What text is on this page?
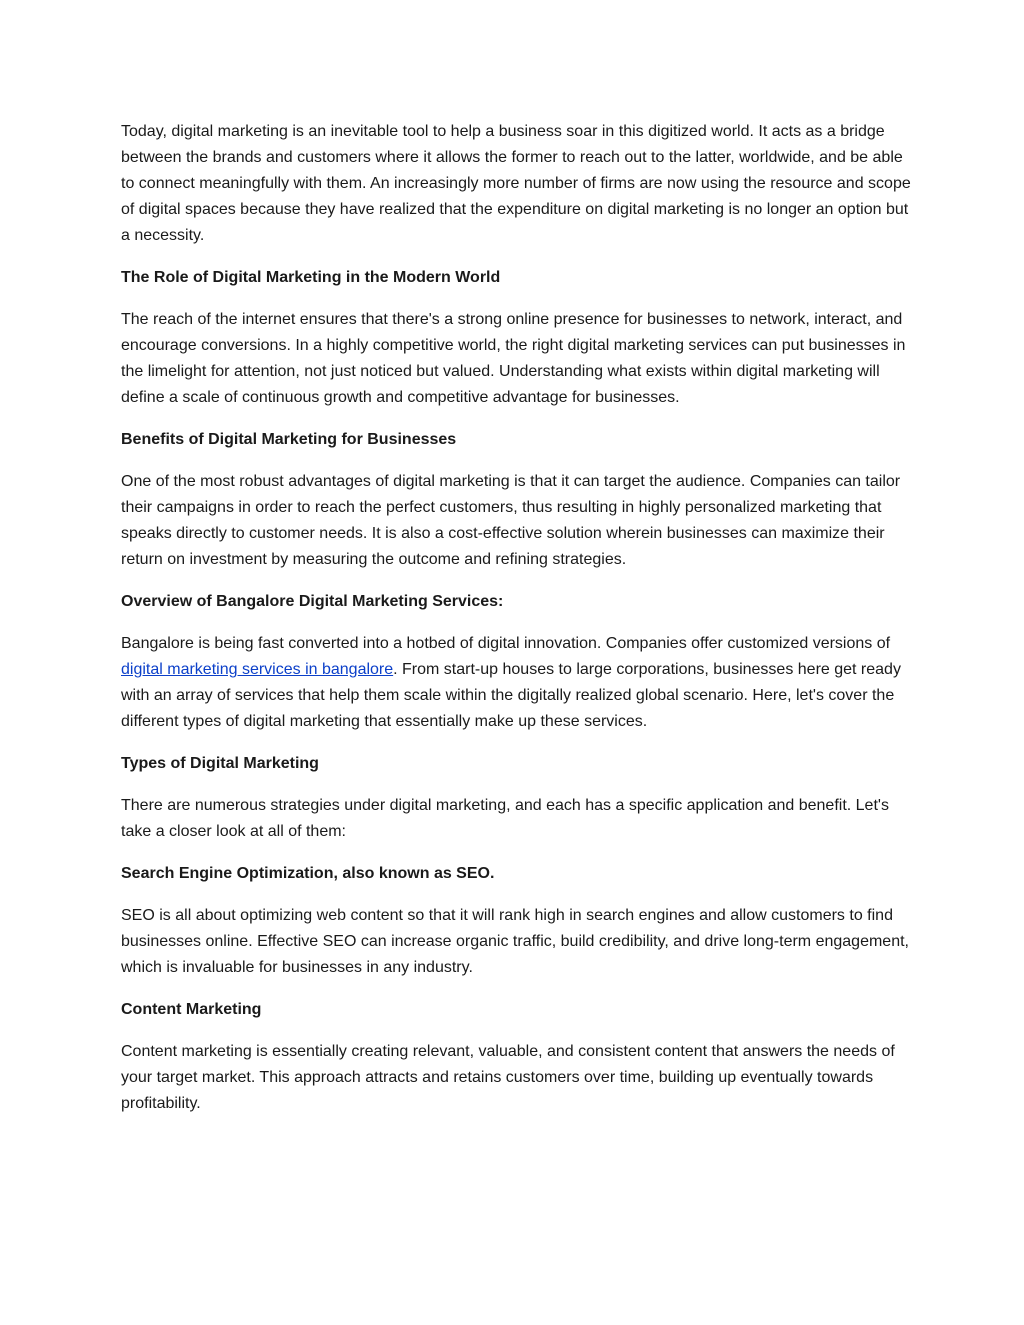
Today, digital marketing is an inevitable tool to help a business soar in this digitized world. It acts as a bridge between the brands and customers where it allows the former to reach out to the latter, worldwide, and be able to connect meaningfully with them. An increasingly more number of firms are now using the resource and scope of digital spaces because they have realized that the expenditure on digital marketing is no longer an option but a necessity.

The Role of Digital Marketing in the Modern World

The reach of the internet ensures that there's a strong online presence for businesses to network, interact, and encourage conversions. In a highly competitive world, the right digital marketing services can put businesses in the limelight for attention, not just noticed but valued. Understanding what exists within digital marketing will define a scale of continuous growth and competitive advantage for businesses.

Benefits of Digital Marketing for Businesses

One of the most robust advantages of digital marketing is that it can target the audience. Companies can tailor their campaigns in order to reach the perfect customers, thus resulting in highly personalized marketing that speaks directly to customer needs. It is also a cost-effective solution wherein businesses can maximize their return on investment by measuring the outcome and refining strategies.

Overview of Bangalore Digital Marketing Services:

Bangalore is being fast converted into a hotbed of digital innovation. Companies offer customized versions of digital marketing services in bangalore. From start-up houses to large corporations, businesses here get ready with an array of services that help them scale within the digitally realized global scenario. Here, let's cover the different types of digital marketing that essentially make up these services.

Types of Digital Marketing

There are numerous strategies under digital marketing, and each has a specific application and benefit. Let's take a closer look at all of them:

Search Engine Optimization, also known as SEO.

SEO is all about optimizing web content so that it will rank high in search engines and allow customers to find businesses online. Effective SEO can increase organic traffic, build credibility, and drive long-term engagement, which is invaluable for businesses in any industry.

Content Marketing

Content marketing is essentially creating relevant, valuable, and consistent content that answers the needs of your target market. This approach attracts and retains customers over time, building up eventually towards profitability.
